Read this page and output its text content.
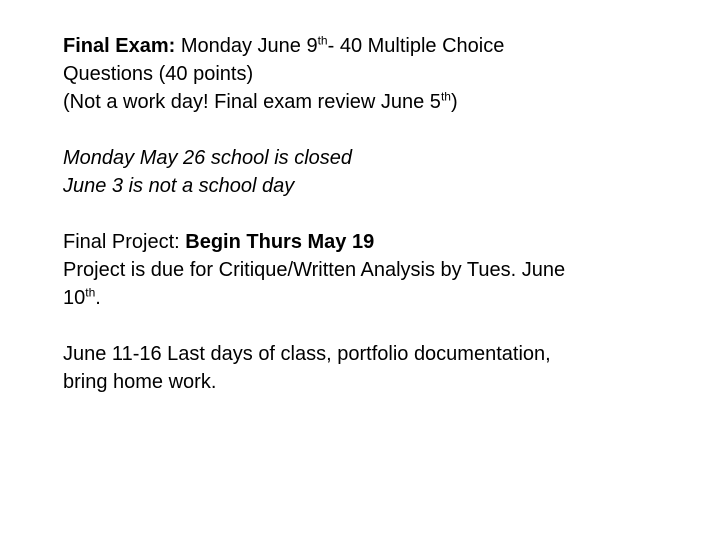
Final Exam: Monday June 9th- 40 Multiple Choice
Questions (40 points)
(Not a work day! Final exam review June 5th)
Monday May 26 school is closed
June 3 is not a school day
Final Project: Begin Thurs May 19
Project is due for Critique/Written Analysis by Tues. June
10th.
June 11-16 Last days of class, portfolio documentation,
bring home work.
